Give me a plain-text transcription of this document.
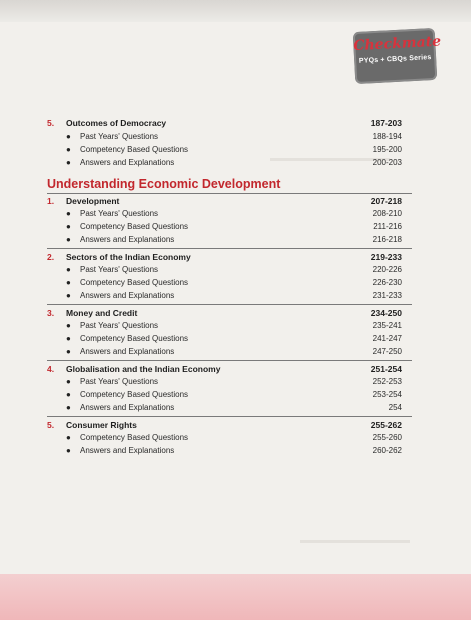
Checkmate
PYQs + CBQs Series
5.	Outcomes of Democracy	187-203
● Past Years' Questions	188-194
● Competency Based Questions	195-200
● Answers and Explanations	200-203
Understanding Economic Development
1.	Development	207-218
● Past Years' Questions	208-210
● Competency Based Questions	211-216
● Answers and Explanations	216-218
2.	Sectors of the Indian Economy	219-233
● Past Years' Questions	220-226
● Competency Based Questions	226-230
● Answers and Explanations	231-233
3.	Money and Credit	234-250
● Past Years' Questions	235-241
● Competency Based Questions	241-247
● Answers and Explanations	247-250
4.	Globalisation and the Indian Economy	251-254
● Past Years' Questions	252-253
● Competency Based Questions	253-254
● Answers and Explanations	254
5.	Consumer Rights	255-262
● Competency Based Questions	255-260
● Answers and Explanations	260-262
